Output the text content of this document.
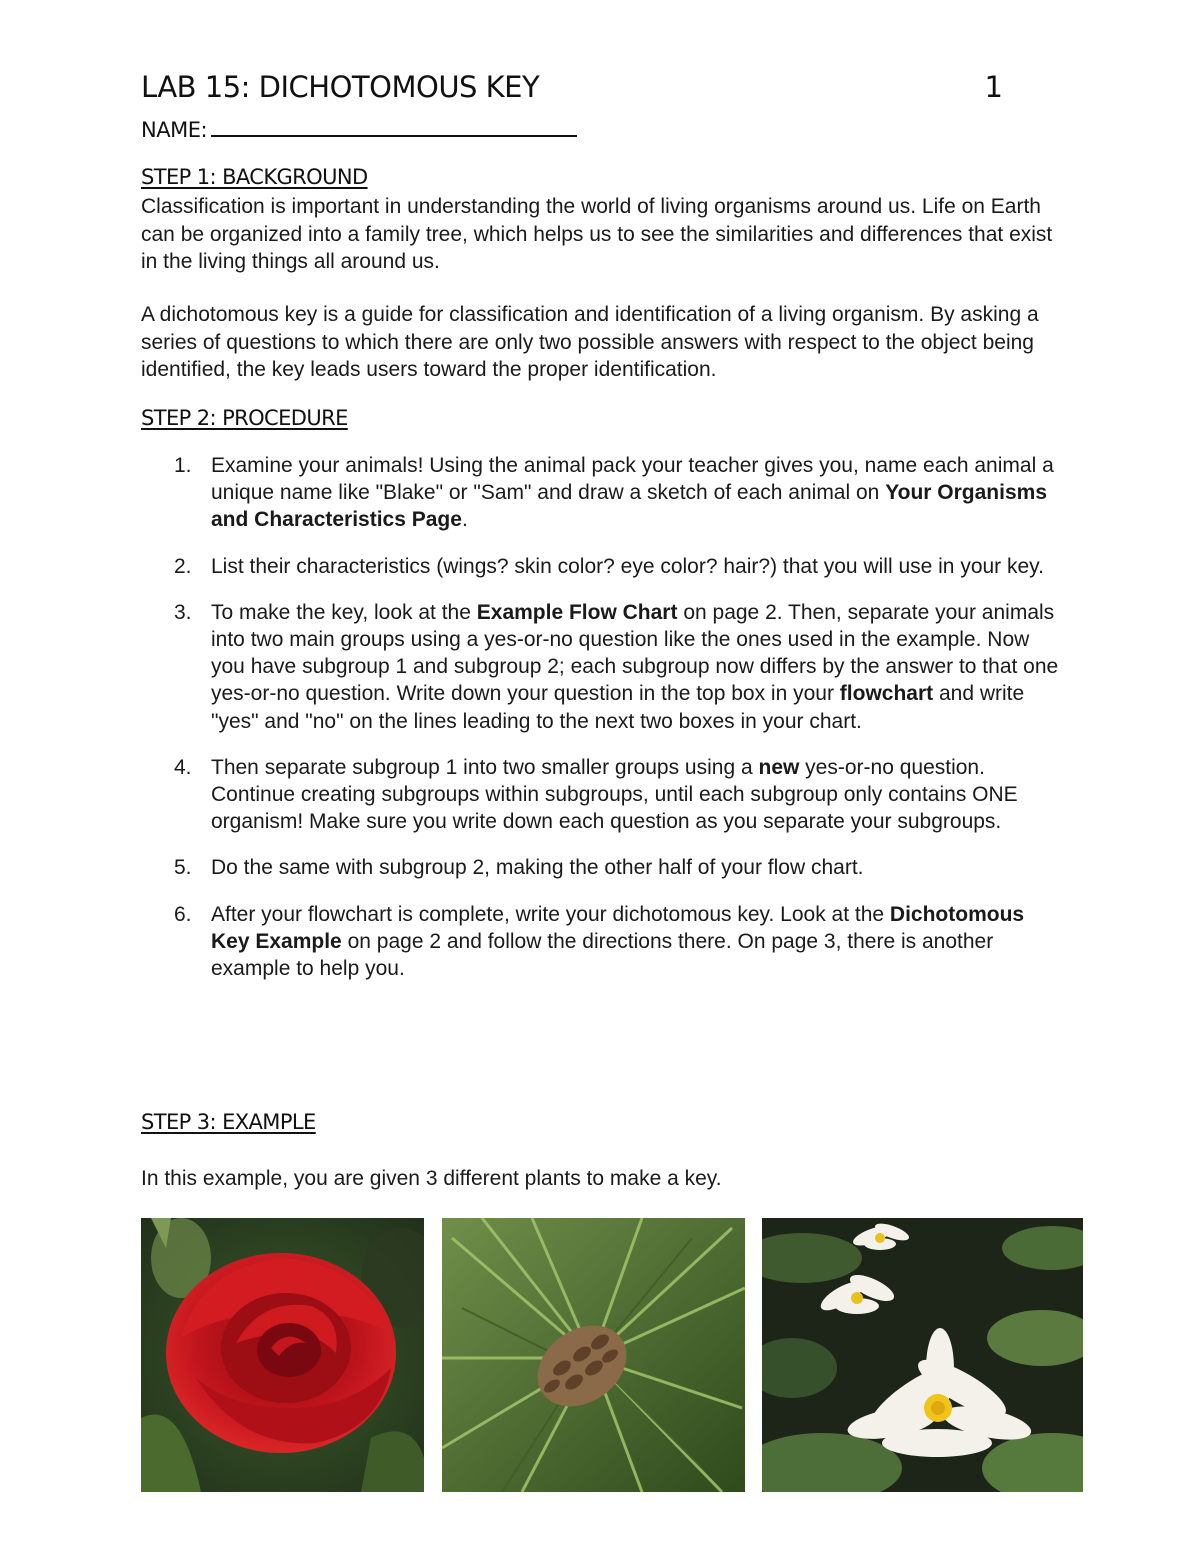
LAB 15: DICHOTOMOUS KEY	1
NAME:
STEP 1: BACKGROUND
Classification is important in understanding the world of living organisms around us. Life on Earth can be organized into a family tree, which helps us to see the similarities and differences that exist in the living things all around us.
A dichotomous key is a guide for classification and identification of a living organism. By asking a series of questions to which there are only two possible answers with respect to the object being identified, the key leads users toward the proper identification.
STEP 2: PROCEDURE
1. Examine your animals! Using the animal pack your teacher gives you, name each animal a unique name like "Blake" or "Sam" and draw a sketch of each animal on Your Organisms and Characteristics Page.
2. List their characteristics (wings? skin color? eye color? hair?) that you will use in your key.
3. To make the key, look at the Example Flow Chart on page 2. Then, separate your animals into two main groups using a yes-or-no question like the ones used in the example. Now you have subgroup 1 and subgroup 2; each subgroup now differs by the answer to that one yes-or-no question. Write down your question in the top box in your flowchart and write "yes" and "no" on the lines leading to the next two boxes in your chart.
4. Then separate subgroup 1 into two smaller groups using a new yes-or-no question. Continue creating subgroups within subgroups, until each subgroup only contains ONE organism! Make sure you write down each question as you separate your subgroups.
5. Do the same with subgroup 2, making the other half of your flow chart.
6. After your flowchart is complete, write your dichotomous key. Look at the Dichotomous Key Example on page 2 and follow the directions there. On page 3, there is another example to help you.
STEP 3: EXAMPLE
In this example, you are given 3 different plants to make a key.
